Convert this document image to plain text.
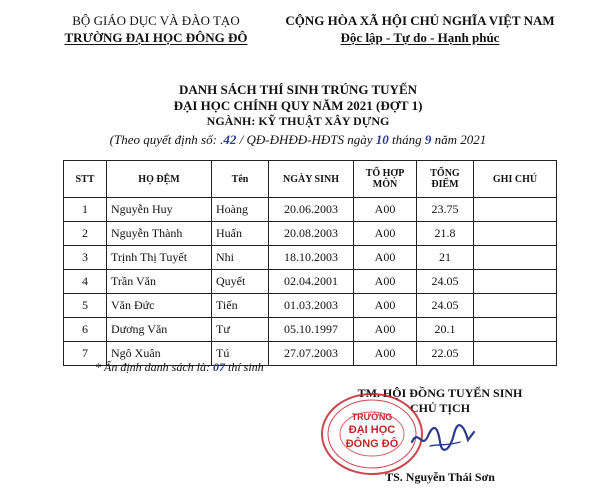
BỘ GIÁO DỤC VÀ ĐÀO TẠO
TRƯỜNG ĐẠI HỌC ĐÔNG ĐÔ
CỘNG HÒA XÃ HỘI CHỦ NGHĨA VIỆT NAM
Độc lập - Tự do - Hạnh phúc
DANH SÁCH THÍ SINH TRÚNG TUYỂN
ĐẠI HỌC CHÍNH QUY NĂM 2021 (ĐỢT 1)
NGÀNH: KỸ THUẬT XÂY DỰNG
(Theo quyết định số: .42 / QĐ-ĐHĐĐ-HĐTS ngày 10 tháng 9 năm 2021
STT	HỌ ĐỆM	Tên	NGÀY SINH	TỔ HỢP MÔN	TỔNG ĐIỂM	GHI CHÚ
1	Nguyễn Huy	Hoàng	20.06.2003	A00	23.75	
2	Nguyễn Thành	Huấn	20.08.2003	A00	21.8	
3	Trịnh Thị Tuyết	Nhi	18.10.2003	A00	21	
4	Trần Văn	Quyết	02.04.2001	A00	24.05	
5	Văn Đức	Tiến	01.03.2003	A00	24.05	
6	Dương Văn	Tư	05.10.1997	A00	20.1	
7	Ngô Xuân	Tú	27.07.2003	A00	22.05	
* Ấn định danh sách là: 07 thí sinh
TM. HỘI ĐỒNG TUYỂN SINH
CHỦ TỊCH
TRƯỜNG
ĐẠI HỌC
ĐÔNG ĐÔ
TS. Nguyễn Thái Sơn
